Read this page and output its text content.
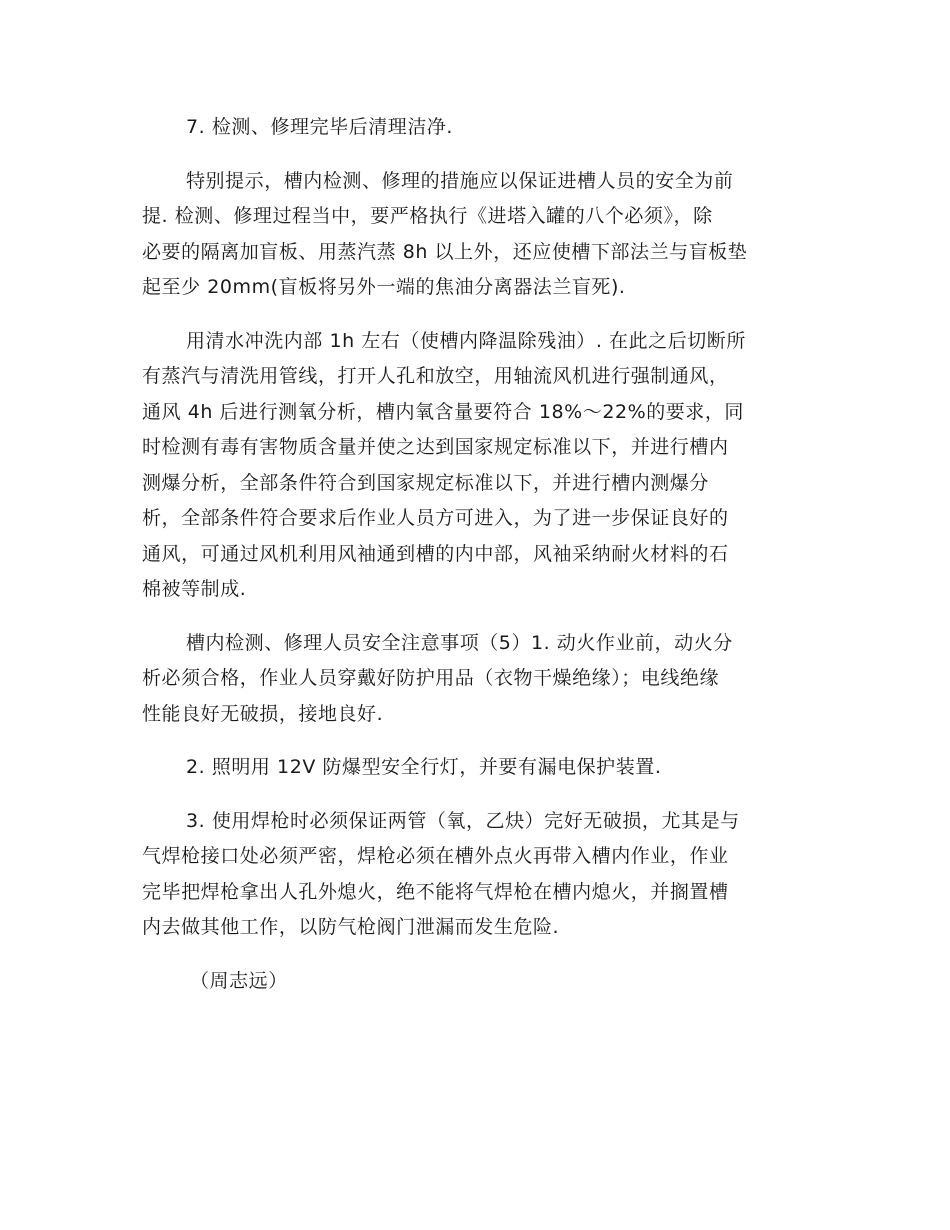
7. 检测、修理完毕后清理洁净.

特别提示，槽内检测、修理的措施应以保证进槽人员的安全为前
提. 检测、修理过程当中，要严格执行《进塔入罐的八个必须》，除
必要的隔离加盲板、用蒸汽蒸 8h 以上外，还应使槽下部法兰与盲板垫
起至少 20mm(盲板将另外一端的焦油分离器法兰盲死).

用清水冲洗内部 1h 左右（使槽内降温除残油）. 在此之后切断所
有蒸汽与清洗用管线，打开人孔和放空，用轴流风机进行强制通风，
通风 4h 后进行测氧分析，槽内氧含量要符合 18%～22%的要求，同
时检测有毒有害物质含量并使之达到国家规定标准以下，并进行槽内
测爆分析，全部条件符合到国家规定标准以下，并进行槽内测爆分
析，全部条件符合要求后作业人员方可进入，为了进一步保证良好的
通风，可通过风机利用风袖通到槽的内中部，风袖采纳耐火材料的石
棉被等制成.

槽内检测、修理人员安全注意事项（5）1. 动火作业前，动火分
析必须合格，作业人员穿戴好防护用品（衣物干燥绝缘）；电线绝缘
性能良好无破损，接地良好.

2. 照明用 12V 防爆型安全行灯，并要有漏电保护装置.

3. 使用焊枪时必须保证两管（氧，乙炔）完好无破损，尤其是与
气焊枪接口处必须严密，焊枪必须在槽外点火再带入槽内作业，作业
完毕把焊枪拿出人孔外熄火，绝不能将气焊枪在槽内熄火，并搁置槽
内去做其他工作，以防气枪阀门泄漏而发生危险.

（周志远）
